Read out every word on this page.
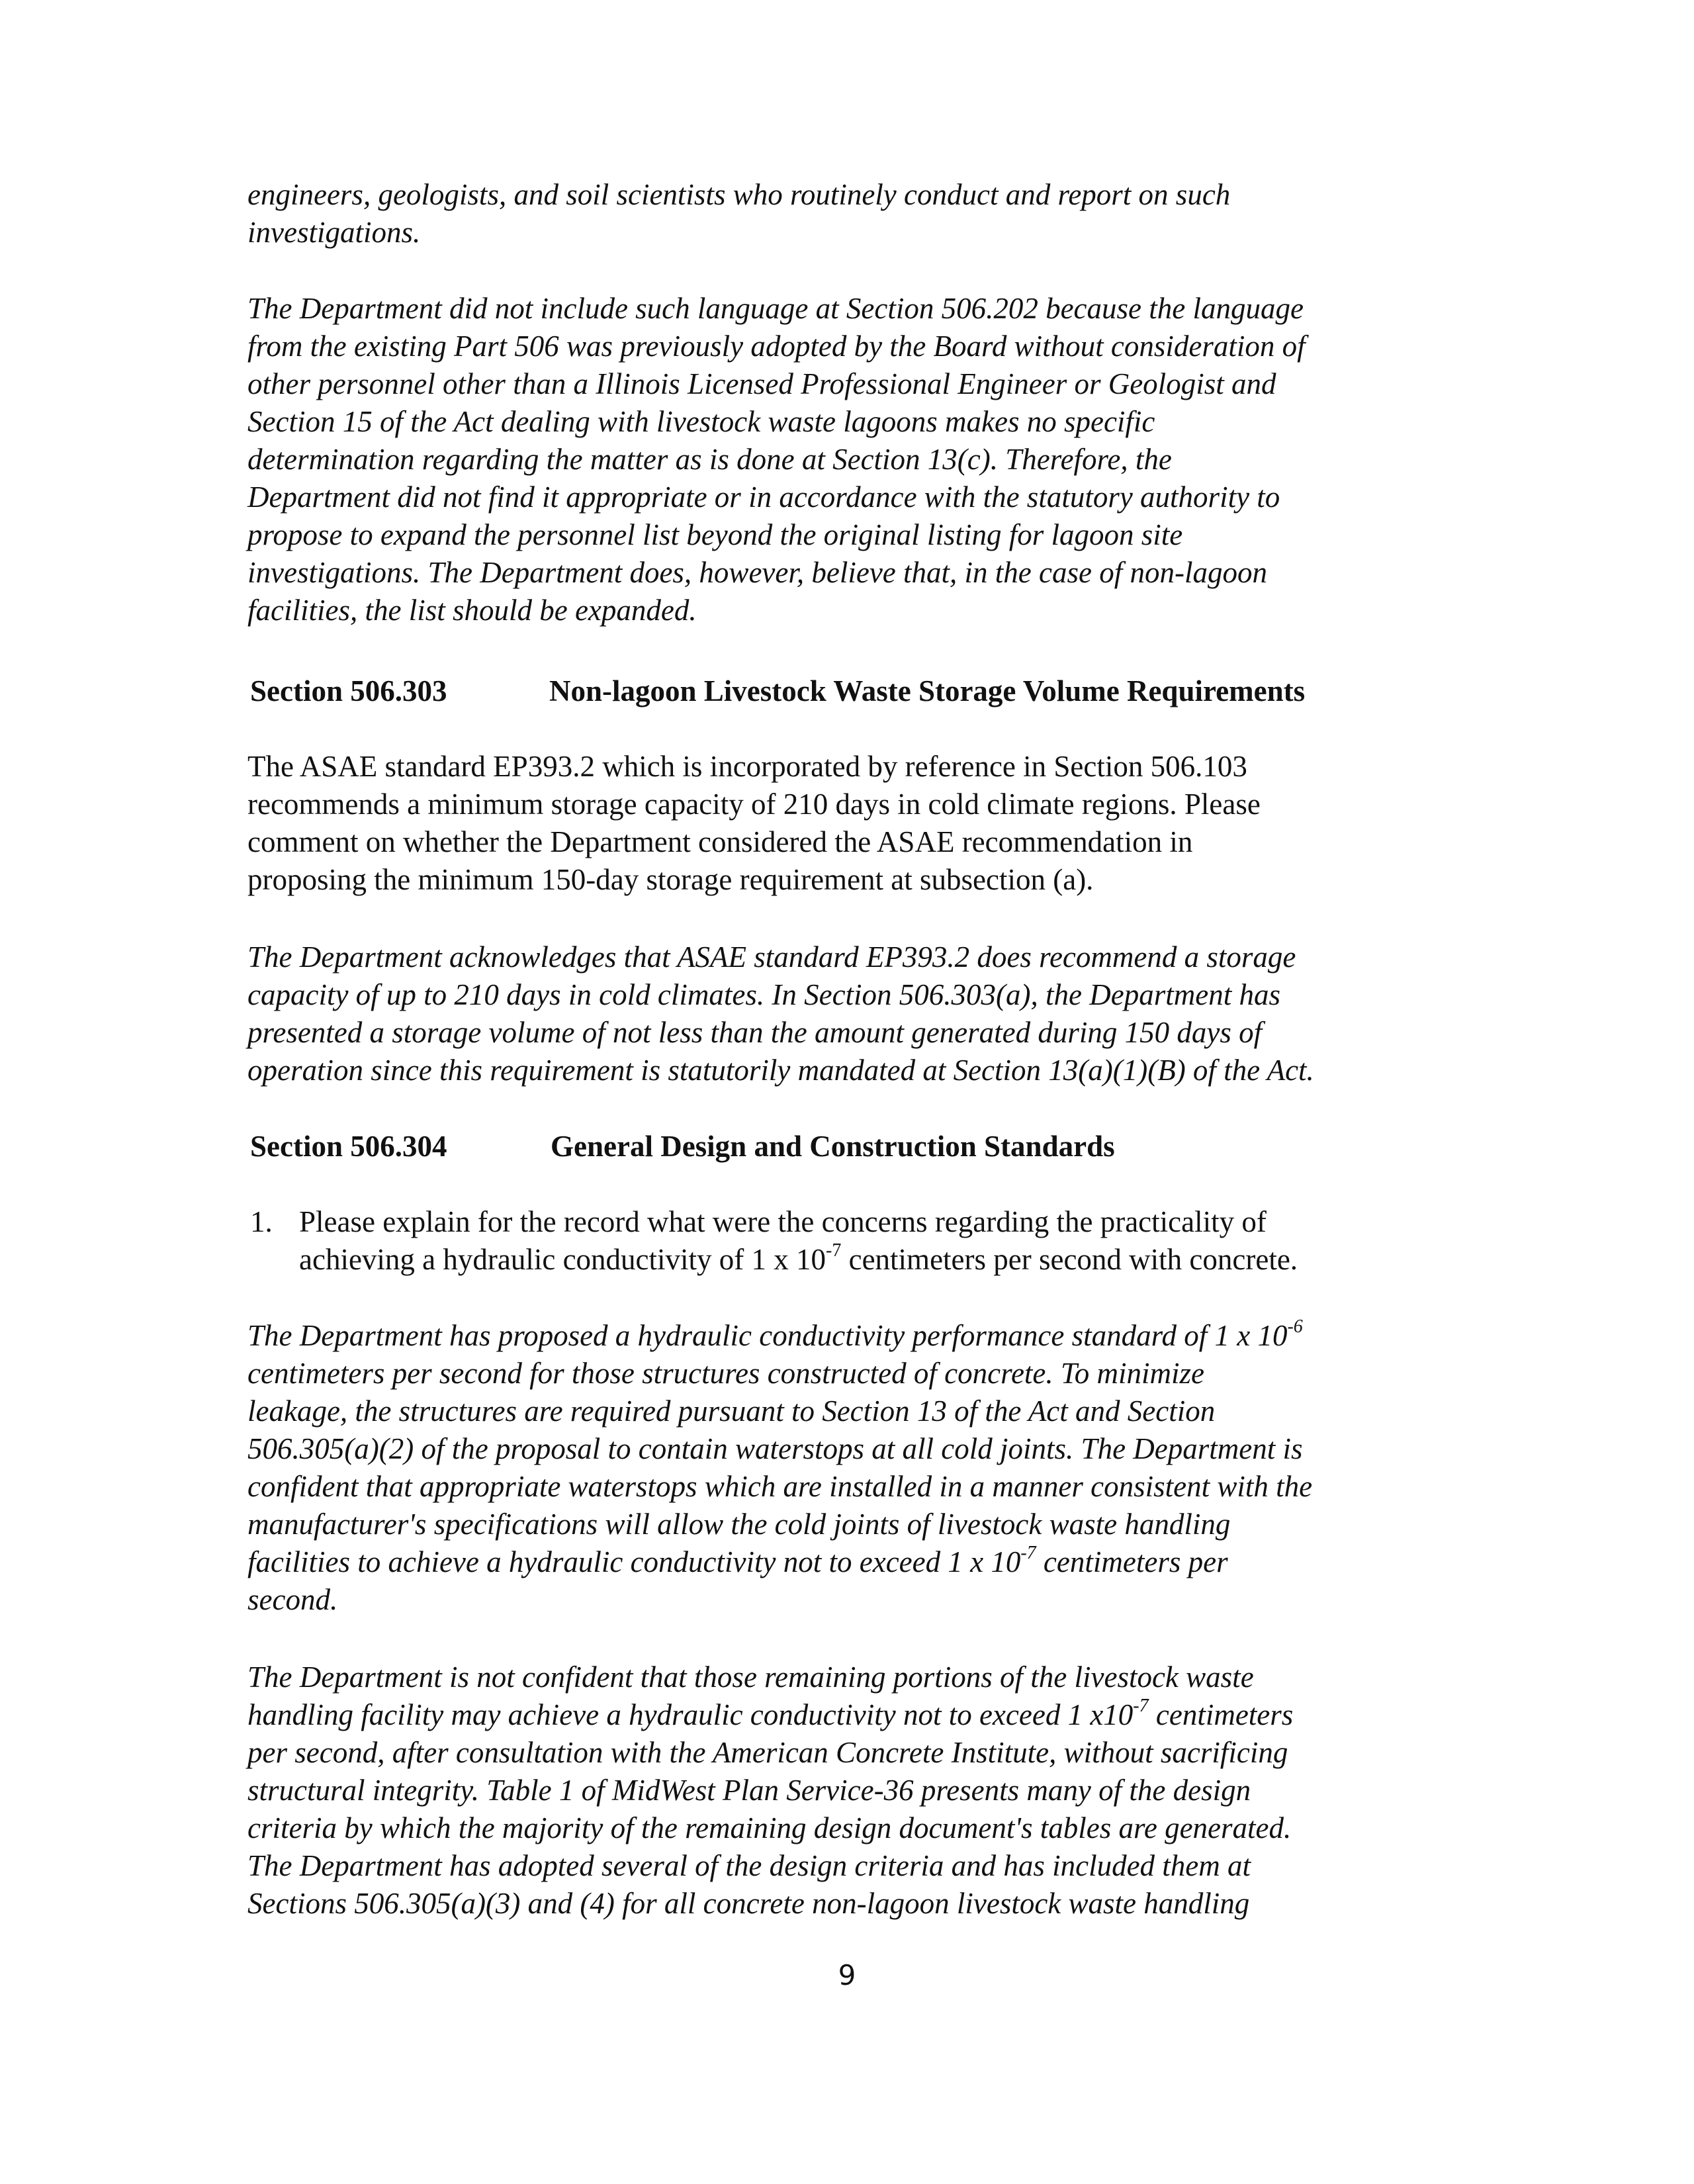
engineers, geologists, and soil scientists who routinely conduct and report on such
investigations.
The Department did not include such language at Section 506.202 because the language
from the existing Part 506 was previously adopted by the Board without consideration of
other personnel other than a Illinois Licensed Professional Engineer or Geologist and
Section 15 of the Act dealing with livestock waste lagoons makes no specific
determination regarding the matter as is done at Section 13(c). Therefore, the
Department did not find it appropriate or in accordance with the statutory authority to
propose to expand the personnel list beyond the original listing for lagoon site
investigations. The Department does, however, believe that, in the case of non-lagoon
facilities, the list should be expanded.
Section 506.303	Non-lagoon Livestock Waste Storage Volume Requirements
The ASAE standard EP393.2 which is incorporated by reference in Section 506.103
recommends a minimum storage capacity of 210 days in cold climate regions. Please
comment on whether the Department considered the ASAE recommendation in
proposing the minimum 150-day storage requirement at subsection (a).
The Department acknowledges that ASAE standard EP393.2 does recommend a storage
capacity of up to 210 days in cold climates. In Section 506.303(a), the Department has
presented a storage volume of not less than the amount generated during 150 days of
operation since this requirement is statutorily mandated at Section 13(a)(1)(B) of the Act.
Section 506.304	General Design and Construction Standards
1. Please explain for the record what were the concerns regarding the practicality of
achieving a hydraulic conductivity of 1 x $10^{-7}$ centimeters per second with concrete.
The Department has proposed a hydraulic conductivity performance standard of 1 x $10^{-6}$
centimeters per second for those structures constructed of concrete. To minimize
leakage, the structures are required pursuant to Section 13 of the Act and Section
506.305(a)(2) of the proposal to contain waterstops at all cold joints. The Department is
confident that appropriate waterstops which are installed in a manner consistent with the
manufacturer's specifications will allow the cold joints of livestock waste handling
facilities to achieve a hydraulic conductivity not to exceed 1 x $10^{-7}$ centimeters per
second.
The Department is not confident that those remaining portions of the livestock waste
handling facility may achieve a hydraulic conductivity not to exceed 1 $x10^{-7}$ centimeters
per second, after consultation with the American Concrete Institute, without sacrificing
structural integrity. Table 1 of MidWest Plan Service-36 presents many of the design
criteria by which the majority of the remaining design document's tables are generated.
The Department has adopted several of the design criteria and has included them at
Sections 506.305(a)(3) and (4) for all concrete non-lagoon livestock waste handling
9
